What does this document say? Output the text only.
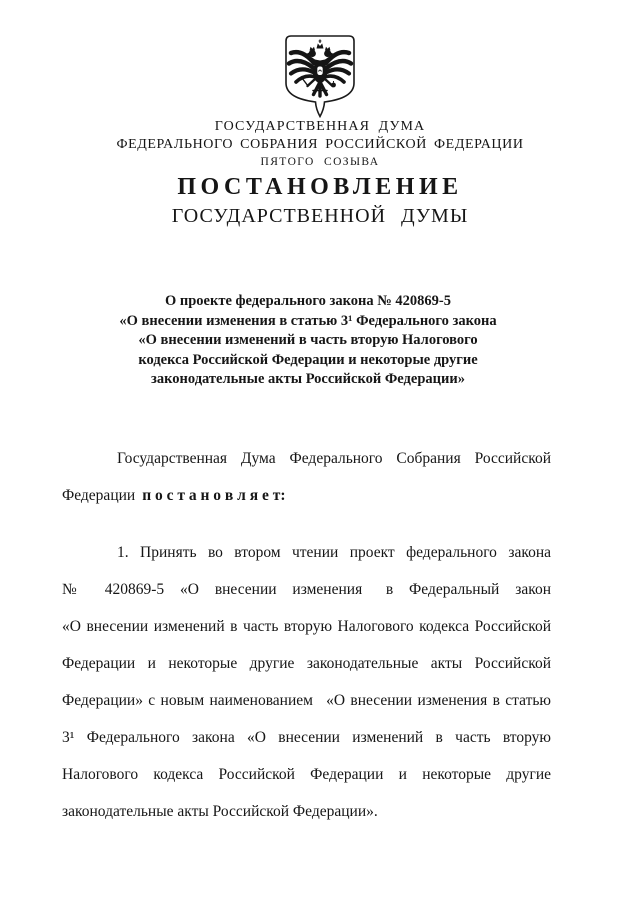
ГОСУДАРСТВЕННАЯ ДУМА
ФЕДЕРАЛЬНОГО СОБРАНИЯ РОССИЙСКОЙ ФЕДЕРАЦИИ
ПЯТОГО СОЗЫВА
ПОСТАНОВЛЕНИЕ
ГОСУДАРСТВЕННОЙ ДУМЫ
О проекте федерального закона № 420869-5
«О внесении изменения в статью 3¹ Федерального закона
«О внесении изменений в часть вторую Налогового
кодекса Российской Федерации и некоторые другие
законодательные акты Российской Федерации»
Государственная Дума Федерального Собрания Российской
Федерации п о с т а н о в л я е т:
1. Принять во втором чтении проект федерального закона
№ 420869-5 «О внесении изменения  в Федеральный закон
«О внесении изменений в часть вторую Налогового кодекса Российской
Федерации и некоторые другие законодательные акты Российской
Федерации» с новым наименованием  «О внесении изменения в статью
3¹ Федерального закона «О внесении изменений в часть вторую
Налогового кодекса Российской Федерации и некоторые другие
законодательные акты Российской Федерации».
